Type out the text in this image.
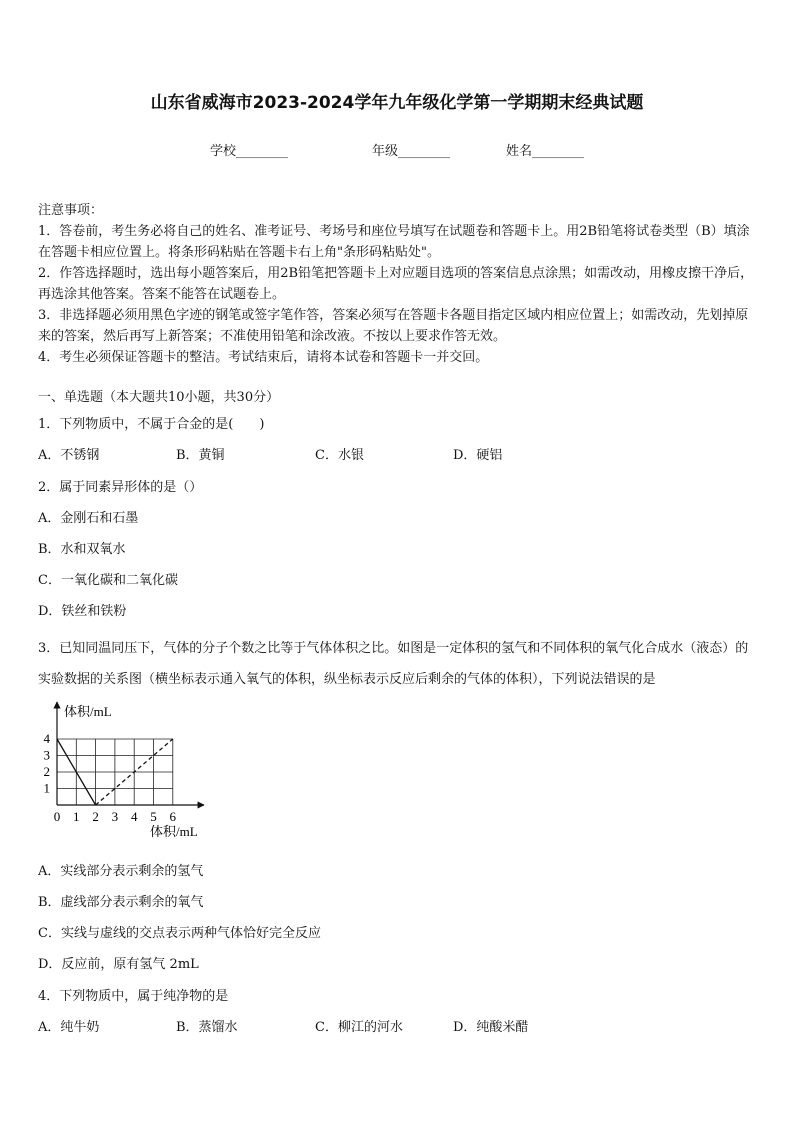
山东省威海市2023-2024学年九年级化学第一学期期末经典试题
学校________	年级________	姓名________
注意事项：
1．答卷前，考生务必将自己的姓名、准考证号、考场号和座位号填写在试题卷和答题卡上。用2B铅笔将试卷类型（B）填涂在答题卡相应位置上。将条形码粘贴在答题卡右上角"条形码粘贴处"。
2．作答选择题时，选出每小题答案后，用2B铅笔把答题卡上对应题目选项的答案信息点涂黑；如需改动，用橡皮擦干净后，再选涂其他答案。答案不能答在试题卷上。
3．非选择题必须用黑色字迹的钢笔或签字笔作答，答案必须写在答题卡各题目指定区域内相应位置上；如需改动，先划掉原来的答案，然后再写上新答案；不准使用铅笔和涂改液。不按以上要求作答无效。
4．考生必须保证答题卡的整洁。考试结束后，请将本试卷和答题卡一并交回。
一、单选题（本大题共10小题，共30分）
1．下列物质中，不属于合金的是(　　)
A．不锈钢	B．黄铜	C．水银	D．硬铝
2．属于同素异形体的是（）
A．金刚石和石墨
B．水和双氧水
C．一氧化碳和二氧化碳
D．铁丝和铁粉
3．已知同温同压下，气体的分子个数之比等于气体体积之比。如图是一定体积的氢气和不同体积的氧气化合成水（液态）的实验数据的关系图（横坐标表示通入氧气的体积，纵坐标表示反应后剩余的气体的体积），下列说法错误的是
0 1 2 3 4 5 6
1
2
3
4
体积/mL
体积/mL
A．实线部分表示剩余的氢气
B．虚线部分表示剩余的氧气
C．实线与虚线的交点表示两种气体恰好完全反应
D．反应前，原有氢气 2mL
4．下列物质中，属于纯净物的是
A．纯牛奶	B．蒸馏水	C．柳江的河水	D．纯酸米醋
